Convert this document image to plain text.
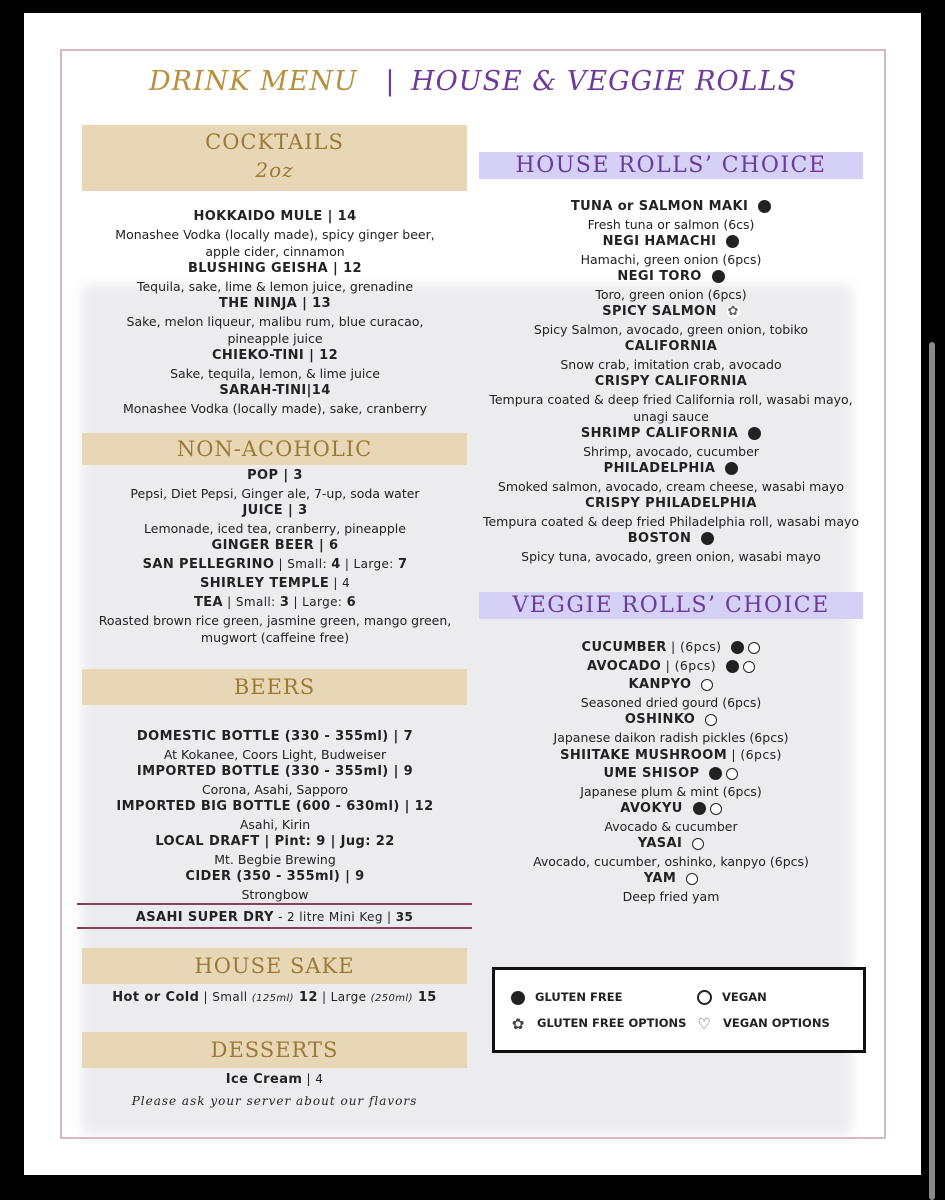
DRINK MENU | HOUSE & VEGGIE ROLLS
COCKTAILS
2oz
HOKKAIDO MULE | 14
Monashee Vodka (locally made), spicy ginger beer, apple cider, cinnamon
BLUSHING GEISHA | 12
Tequila, sake, lime & lemon juice, grenadine
THE NINJA | 13
Sake, melon liqueur, malibu rum, blue curacao, pineapple juice
CHIEKO-TINI | 12
Sake, tequila, lemon, & lime juice
SARAH-TINI|14
Monashee Vodka (locally made), sake, cranberry
NON-ACOHOLIC
POP | 3
Pepsi, Diet Pepsi, Ginger ale, 7-up, soda water
JUICE | 3
Lemonade, iced tea, cranberry, pineapple
GINGER BEER | 6
SAN PELLEGRINO | Small: 4 | Large: 7
SHIRLEY TEMPLE | 4
TEA | Small: 3 | Large: 6
Roasted brown rice green, jasmine green, mango green, mugwort (caffeine free)
BEERS
DOMESTIC BOTTLE (330 - 355ml) | 7
At Kokanee, Coors Light, Budweiser
IMPORTED BOTTLE (330 - 355ml) | 9
Corona, Asahi, Sapporo
IMPORTED BIG BOTTLE (600 - 630ml) | 12
Asahi, Kirin
LOCAL DRAFT | Pint: 9 | Jug: 22
Mt. Begbie Brewing
CIDER (350 - 355ml) | 9
Strongbow
ASAHI SUPER DRY - 2 litre Mini Keg | 35
HOUSE SAKE
Hot or Cold | Small (125ml) 12 | Large (250ml) 15
DESSERTS
Ice Cream | 4
Please ask your server about our flavors
HOUSE ROLLS’ CHOICE
TUNA or SALMON MAKI
Fresh tuna or salmon (6cs)
NEGI HAMACHI
Hamachi, green onion (6pcs)
NEGI TORO
Toro, green onion (6pcs)
SPICY SALMON ✿
Spicy Salmon, avocado, green onion, tobiko
CALIFORNIA
Snow crab, imitation crab, avocado
CRISPY CALIFORNIA
Tempura coated & deep fried California roll, wasabi mayo, unagi sauce
SHRIMP CALIFORNIA
Shrimp, avocado, cucumber
PHILADELPHIA
Smoked salmon, avocado, cream cheese, wasabi mayo
CRISPY PHILADELPHIA
Tempura coated & deep fried Philadelphia roll, wasabi mayo
BOSTON
Spicy tuna, avocado, green onion, wasabi mayo
VEGGIE ROLLS’ CHOICE
CUCUMBER | (6pcs)
AVOCADO | (6pcs)
KANPYO
Seasoned dried gourd (6pcs)
OSHINKO
Japanese daikon radish pickles (6pcs)
SHIITAKE MUSHROOM | (6pcs)
UME SHISOP
Japanese plum & mint (6pcs)
AVOKYU
Avocado & cucumber
YASAI
Avocado, cucumber, oshinko, kanpyo (6pcs)
YAM
Deep fried yam
GLUTEN FREE
✿ GLUTEN FREE OPTIONS
VEGAN
♡ VEGAN OPTIONS
